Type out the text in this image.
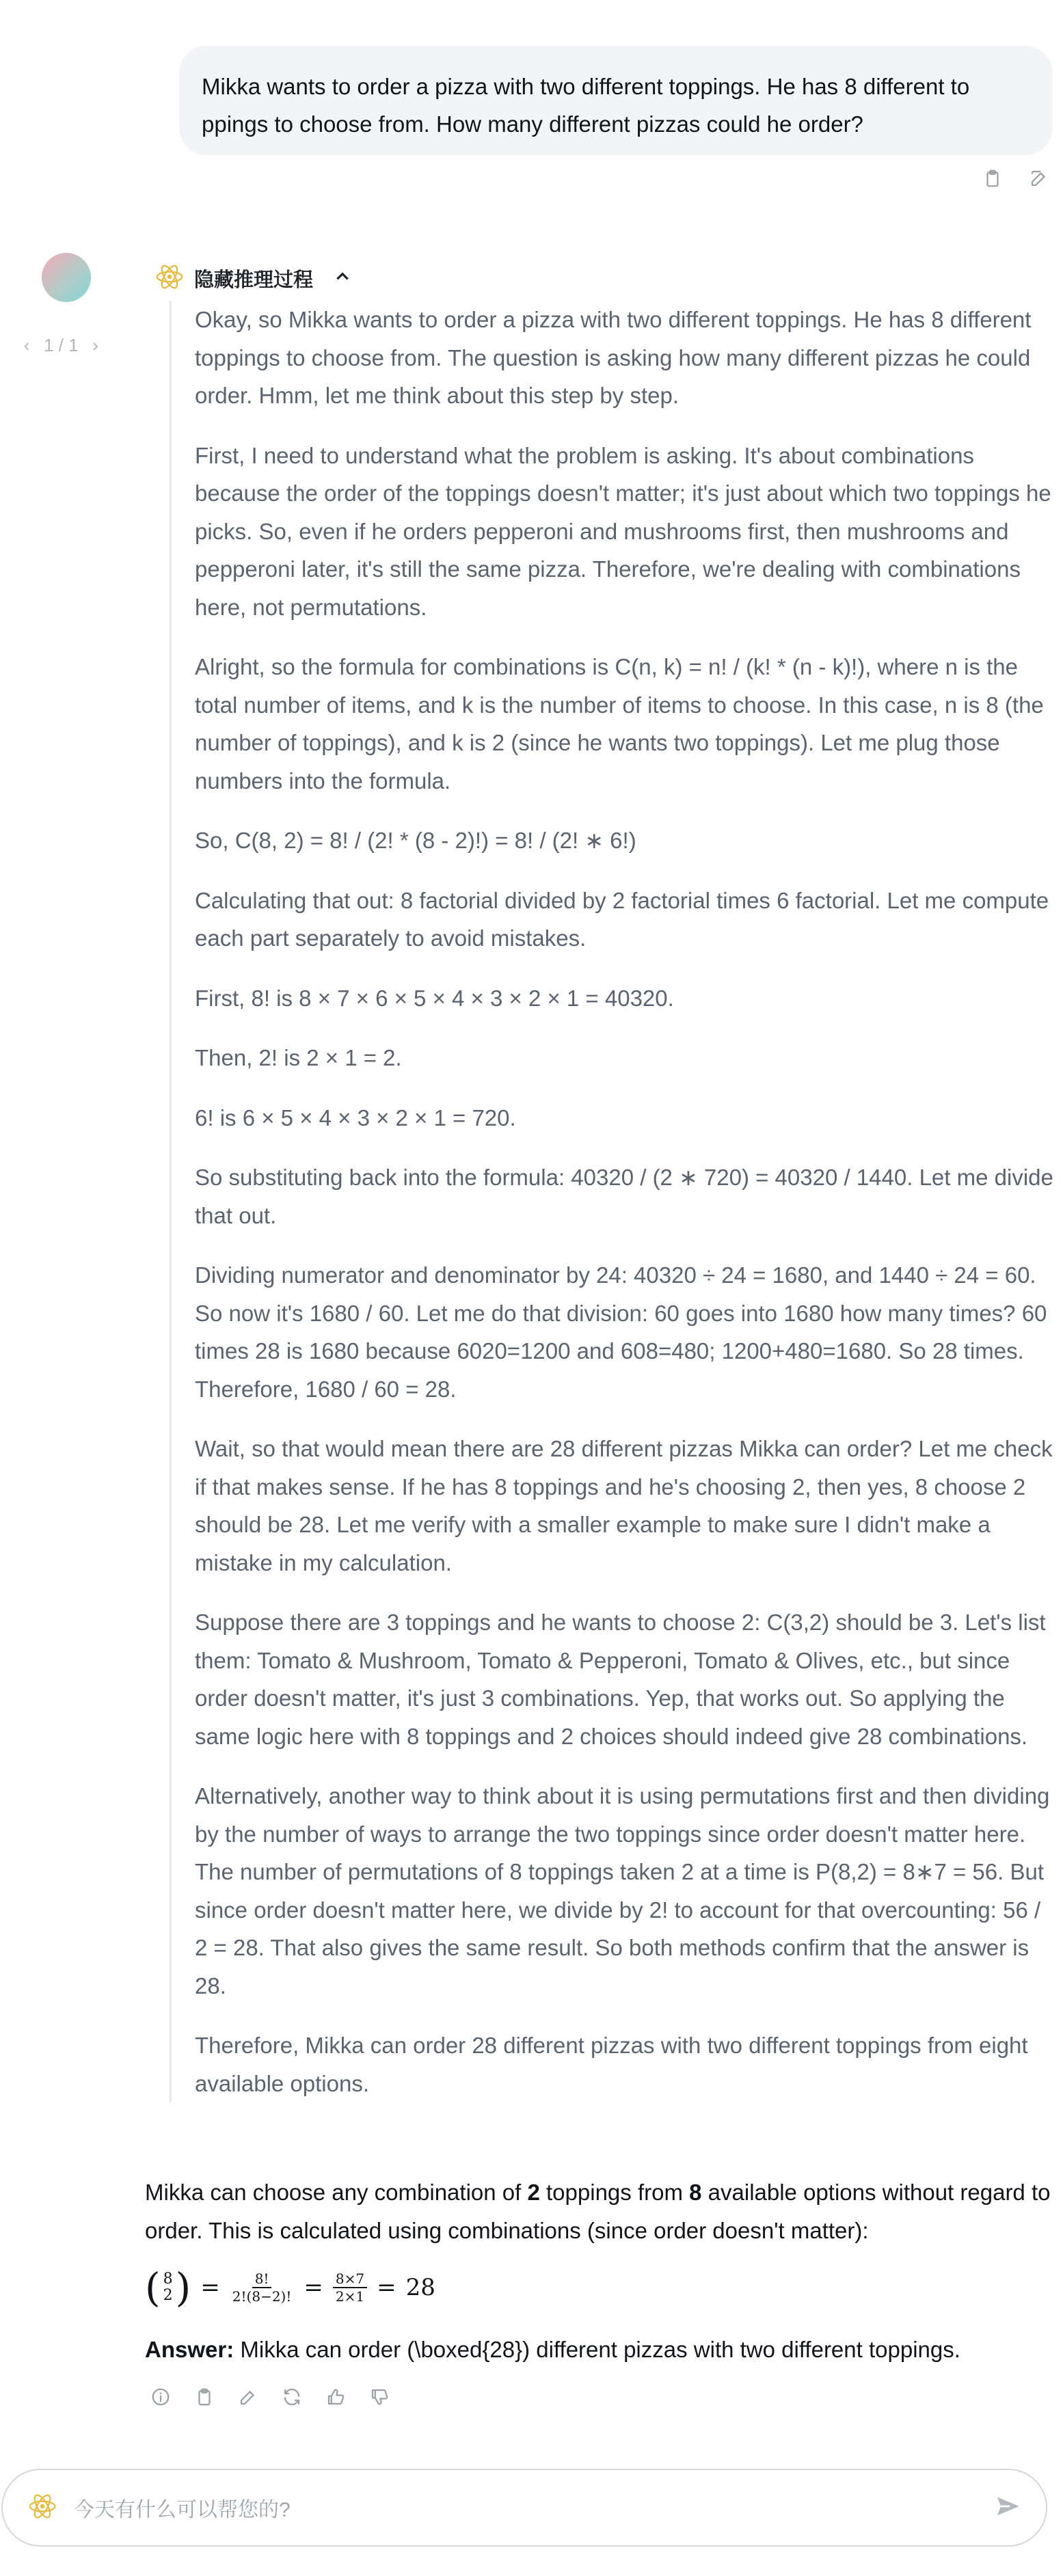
Mikka wants to order a pizza with two different toppings. He has 8 different to ppings to choose from. How many different pizzas could he order?
‹ 1 / 1 ›
隐藏推理过程

Okay, so Mikka wants to order a pizza with two different toppings. He has 8 different toppings to choose from. The question is asking how many different pizzas he could order. Hmm, let me think about this step by step.

First, I need to understand what the problem is asking. It's about combinations because the order of the toppings doesn't matter; it's just about which two toppings he picks. So, even if he orders pepperoni and mushrooms first, then mushrooms and pepperoni later, it's still the same pizza. Therefore, we're dealing with combinations here, not permutations.

Alright, so the formula for combinations is C(n, k) = n! / (k! * (n - k)!), where n is the total number of items, and k is the number of items to choose. In this case, n is 8 (the number of toppings), and k is 2 (since he wants two toppings). Let me plug those numbers into the formula.

So, C(8, 2) = 8! / (2! * (8 - 2)!) = 8! / (2! ∗ 6!)

Calculating that out: 8 factorial divided by 2 factorial times 6 factorial. Let me compute each part separately to avoid mistakes.

First, 8! is 8 × 7 × 6 × 5 × 4 × 3 × 2 × 1 = 40320.

Then, 2! is 2 × 1 = 2.

6! is 6 × 5 × 4 × 3 × 2 × 1 = 720.

So substituting back into the formula: 40320 / (2 ∗ 720) = 40320 / 1440. Let me divide that out.

Dividing numerator and denominator by 24: 40320 ÷ 24 = 1680, and 1440 ÷ 24 = 60. So now it's 1680 / 60. Let me do that division: 60 goes into 1680 how many times? 60 times 28 is 1680 because 6020=1200 and 608=480; 1200+480=1680. So 28 times. Therefore, 1680 / 60 = 28.

Wait, so that would mean there are 28 different pizzas Mikka can order? Let me check if that makes sense. If he has 8 toppings and he's choosing 2, then yes, 8 choose 2 should be 28. Let me verify with a smaller example to make sure I didn't make a mistake in my calculation.

Suppose there are 3 toppings and he wants to choose 2: C(3,2) should be 3. Let's list them: Tomato & Mushroom, Tomato & Pepperoni, Tomato & Olives, etc., but since order doesn't matter, it's just 3 combinations. Yep, that works out. So applying the same logic here with 8 toppings and 2 choices should indeed give 28 combinations.

Alternatively, another way to think about it is using permutations first and then dividing by the number of ways to arrange the two toppings since order doesn't matter here. The number of permutations of 8 toppings taken 2 at a time is P(8,2) = 8∗7 = 56. But since order doesn't matter here, we divide by 2! to account for that overcounting: 56 / 2 = 28. That also gives the same result. So both methods confirm that the answer is 28.

Therefore, Mikka can order 28 different pizzas with two different toppings from eight available options.

Mikka can choose any combination of 2 toppings from 8 available options without regard to order. This is calculated using combinations (since order doesn't matter):

( 8
2 ) = $\frac{8!}{2!(8-2)!} = \frac{8\times 7}{2\times 1} = 28$

Answer: Mikka can order (\boxed{28}) different pizzas with two different toppings.

今天有什么可以帮您的?
